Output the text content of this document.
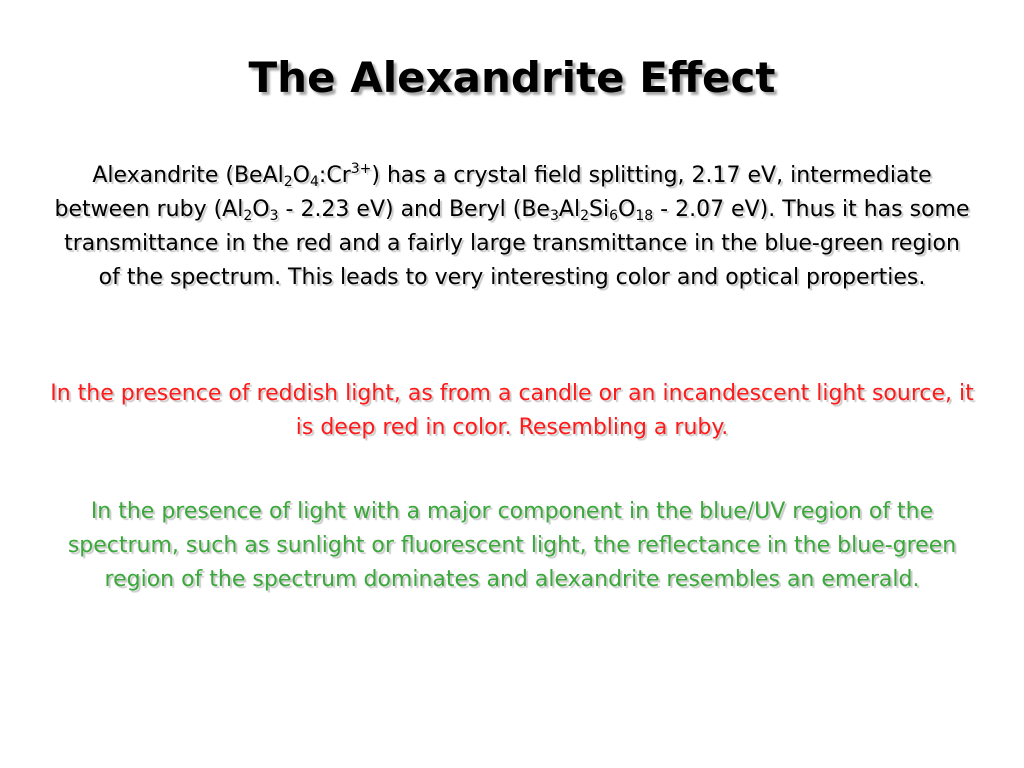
The Alexandrite Effect
Alexandrite $(BeAl_2O_4:Cr^{3+})$ has a crystal field splitting, 2.17 eV, intermediate between ruby ($Al_2O_3 - 2.23$ eV) and Beryl ($Be_3Al_2Si_6O_{18} - 2.07$ eV). Thus it has some transmittance in the red and a fairly large transmittance in the blue-green region of the spectrum. This leads to very interesting color and optical properties.
In the presence of reddish light, as from a candle or an incandescent light source, it is deep red in color. Resembling a ruby.
In the presence of light with a major component in the blue/UV region of the spectrum, such as sunlight or fluorescent light, the reflectance in the blue-green region of the spectrum dominates and alexandrite resembles an emerald.
